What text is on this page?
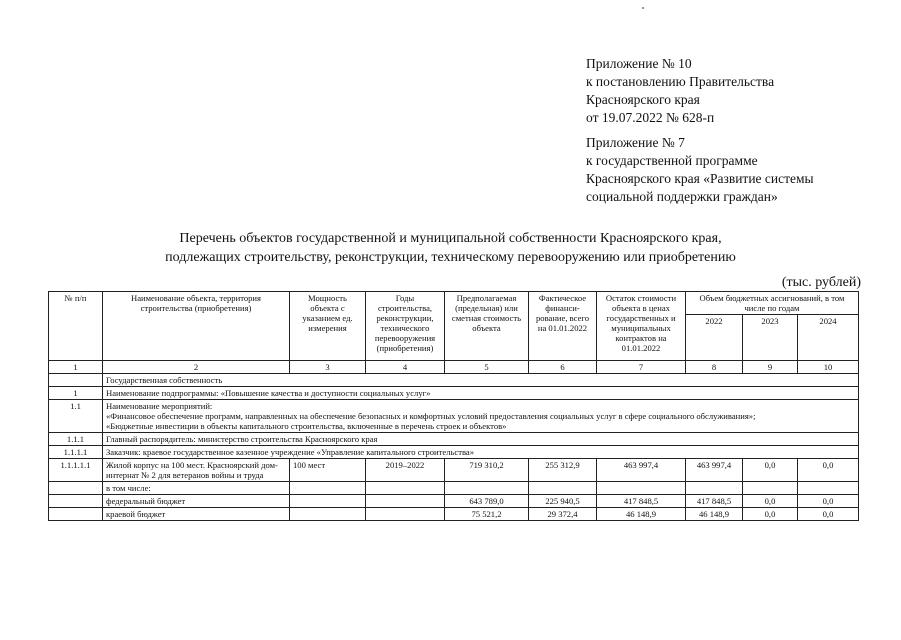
Приложение № 10
к постановлению Правительства
Красноярского края
от 19.07.2022 № 628-п
Приложение № 7
к государственной программе
Красноярского края «Развитие системы
социальной поддержки граждан»
Перечень объектов государственной и муниципальной собственности Красноярского края,
подлежащих строительству, реконструкции, техническому перевооружению или приобретению
(тыс. рублей)
№ п/п	Наименование объекта, территория строительства (приобретения)	Мощность объекта с указанием ед. измерения	Годы строительства, реконструкции, технического перевооружения (приобретения)	Предполагаемая (предельная) или сметная стоимость объекта	Фактическое финанси-рование, всего на 01.01.2022	Остаток стоимости объекта в ценах государственных и муниципальных контрактов на 01.01.2022	Объем бюджетных ассигнований, в том числе по годам		
							2022	2023	2024
1	2	3	4	5	6	7	8	9	10
	Государственная собственность								
1	Наименование подпрограммы: «Повышение качества и доступности социальных услуг»								
1.1	Наименование мероприятий:
«Финансовое обеспечение программ, направленных на обеспечение безопасных и комфортных условий предоставления социальных услуг в сфере социального обслуживания»;
«Бюджетные инвестиции в объекты капитального строительства, включенные в перечень строек и объектов»								

1.1.1	Главный распорядитель: министерство строительства Красноярского края								
1.1.1.1	Заказчик: краевое государственное казенное учреждение «Управление капитального строительства»								
1.1.1.1.1	Жилой корпус на 100 мест. Красноярский дом-интернат № 2 для ветеранов войны и труда	100 мест	2019–2022	719 310,2	255 312,9	463 997,4	463 997,4	0,0	0,0
	в том числе:								
	федеральный бюджет			643 789,0	225 940,5	417 848,5	417 848,5	0,0	0,0
	краевой бюджет			75 521,2	29 372,4	46 148,9	46 148,9	0,0	0,0
